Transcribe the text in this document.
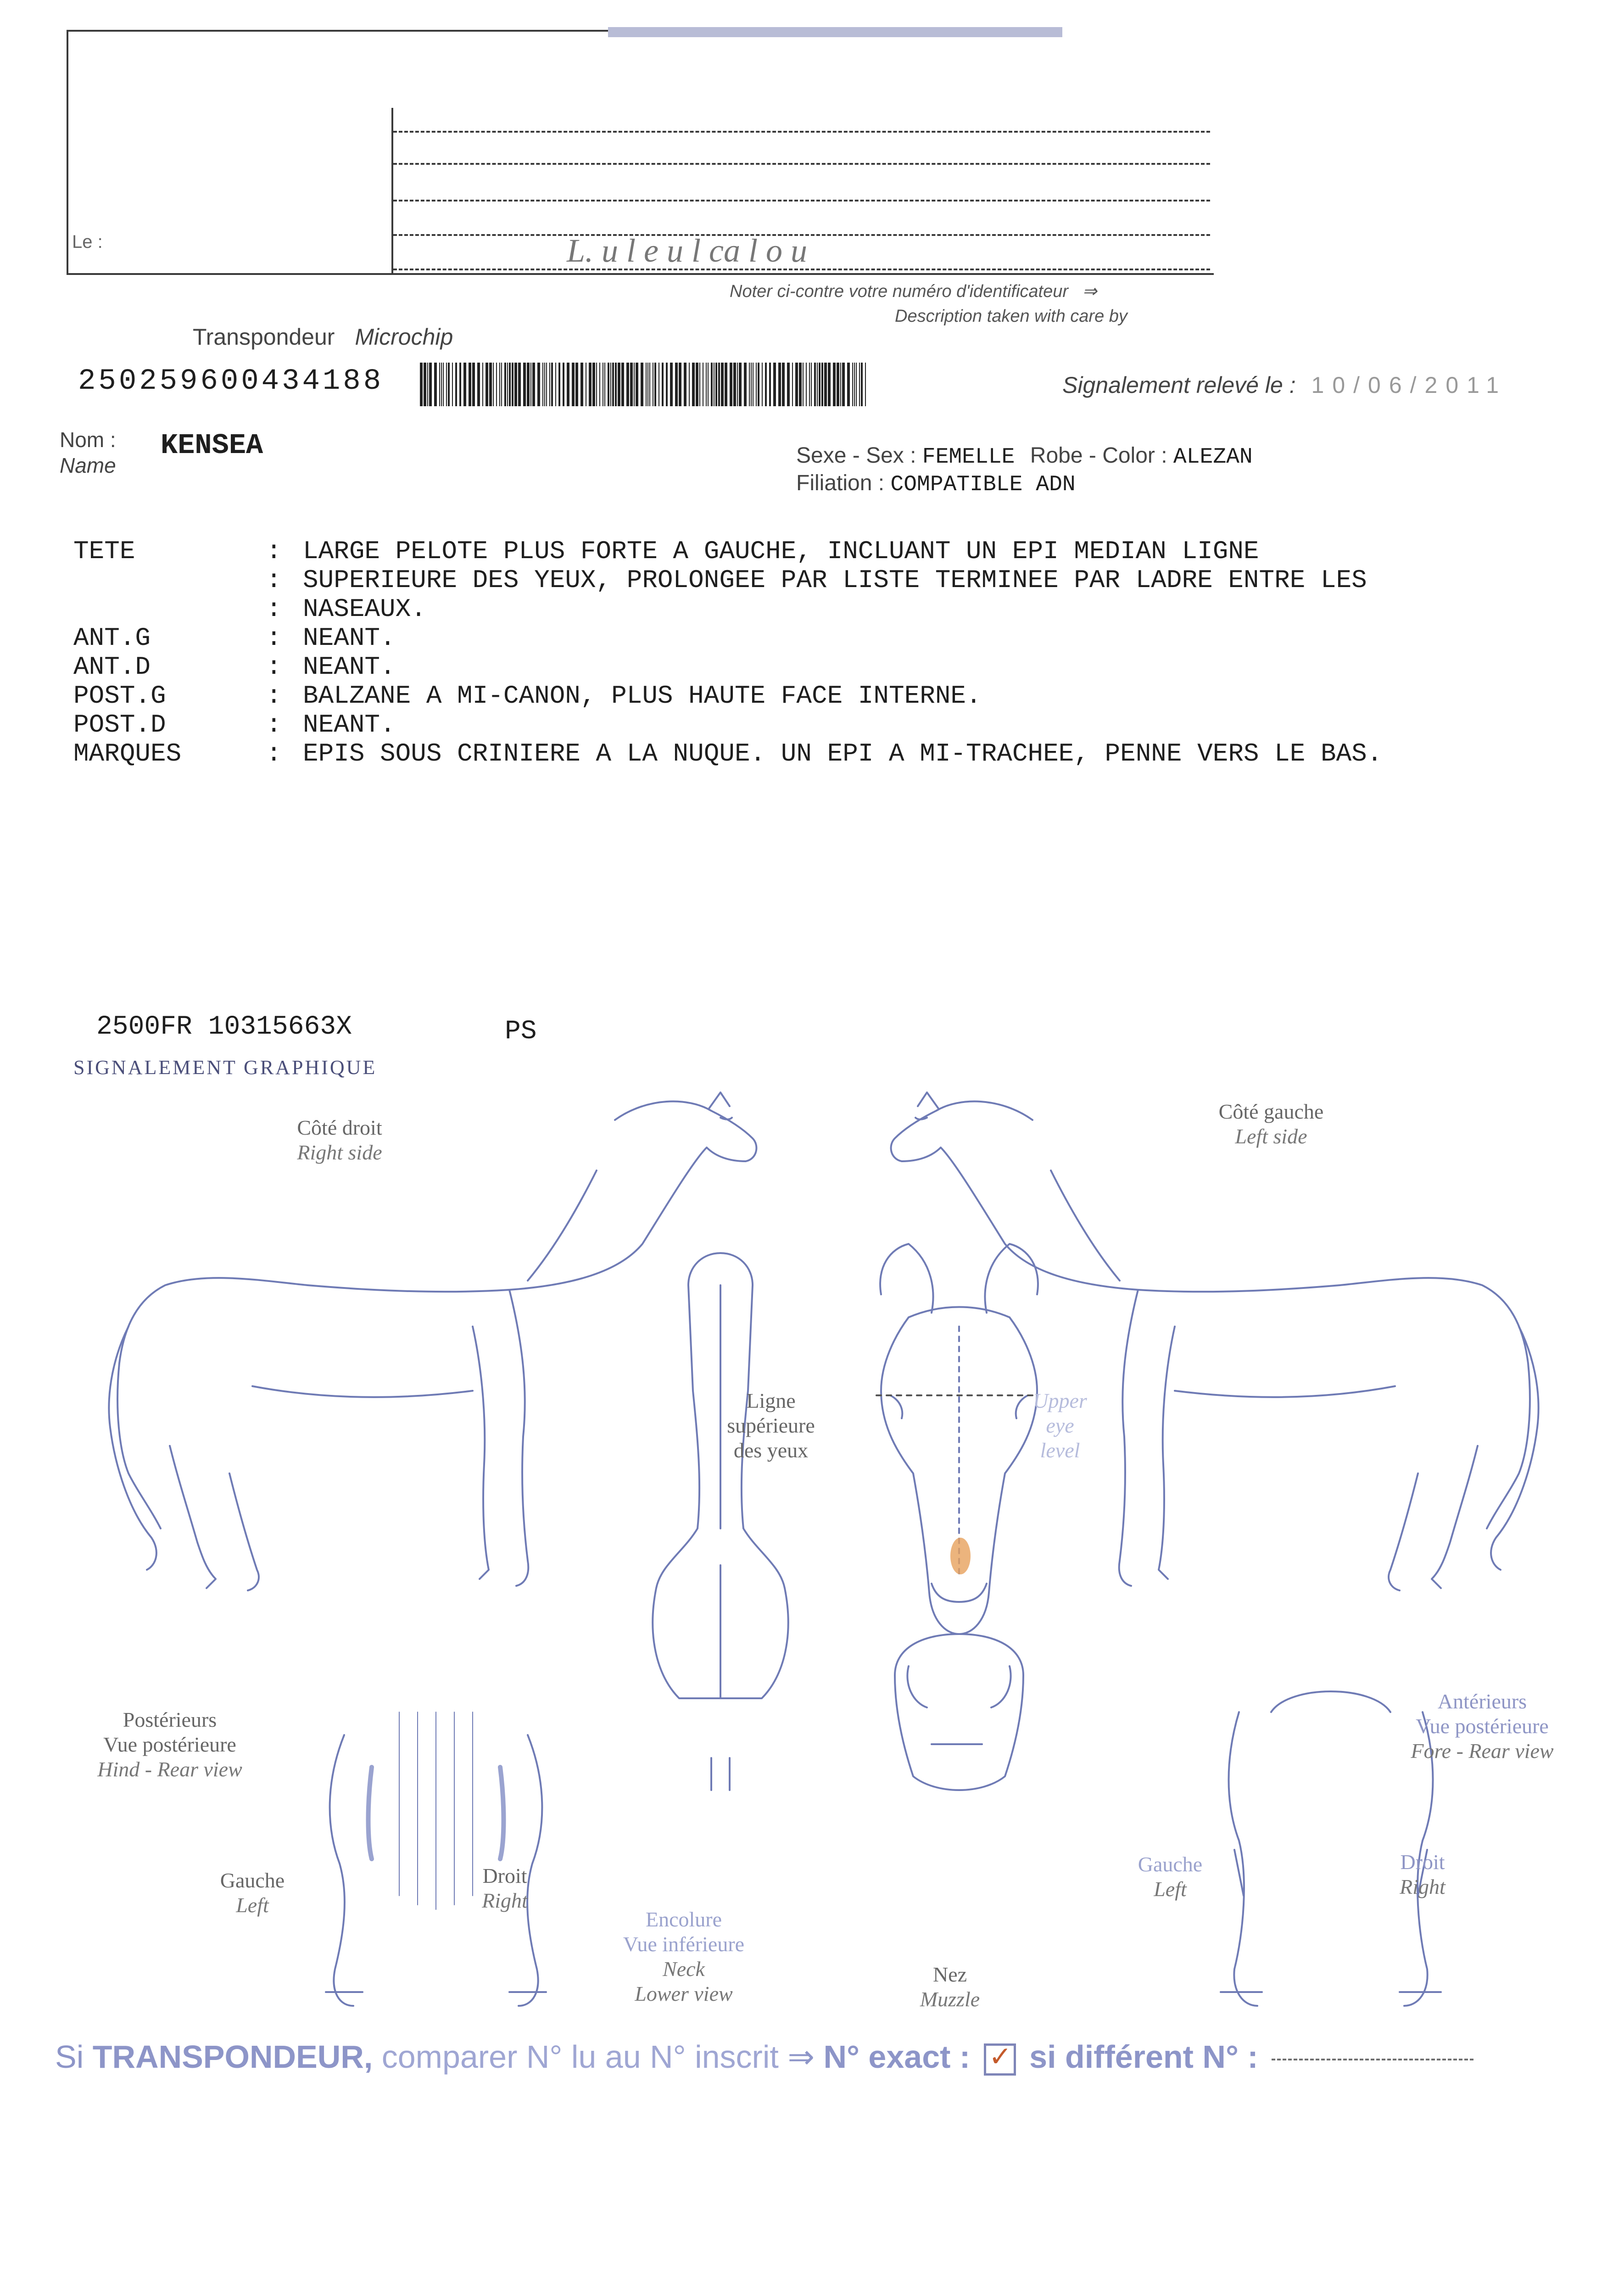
Le :	L. u l e u l ca l o u
Noter ci-contre votre numéro d'identificateur ⇒
Description taken with care by
Transpondeur Microchip
250259600434188	Signalement relevé le : 10/06/2011
Nom :
Name
KENSEA	Sexe - Sex : FEMELLE Robe - Color : ALEZAN
Filiation : COMPATIBLE ADN
TETE	: LARGE PELOTE PLUS FORTE A GAUCHE, INCLUANT UN EPI MEDIAN LIGNE
: SUPERIEURE DES YEUX, PROLONGEE PAR LISTE TERMINEE PAR LADRE ENTRE LES
: NASEAUX.
ANT.G	: NEANT.
ANT.D	: NEANT.
POST.G	: BALZANE A MI-CANON, PLUS HAUTE FACE INTERNE.
POST.D	: NEANT.
MARQUES	: EPIS SOUS CRINIERE A LA NUQUE. UN EPI A MI-TRACHEE, PENNE VERS LE BAS.
2500FR 10315663X	PS
SIGNALEMENT GRAPHIQUE
Côté droit
Right side
Côté gauche
Left side
Ligne
supérieure
des yeux
Upper
eye
level
Postérieurs
Vue postérieure
Hind - Rear view
Antérieurs
Vue postérieure
Fore - Rear view
Gauche
Left
Droit
Right
Gauche
Left
Droit
Right
Encolure
Vue inférieure
Neck
Lower view
Nez
Muzzle
Si TRANSPONDEUR, comparer N° lu au N° inscrit ⇒ N° exact : ✓ si différent N° :
